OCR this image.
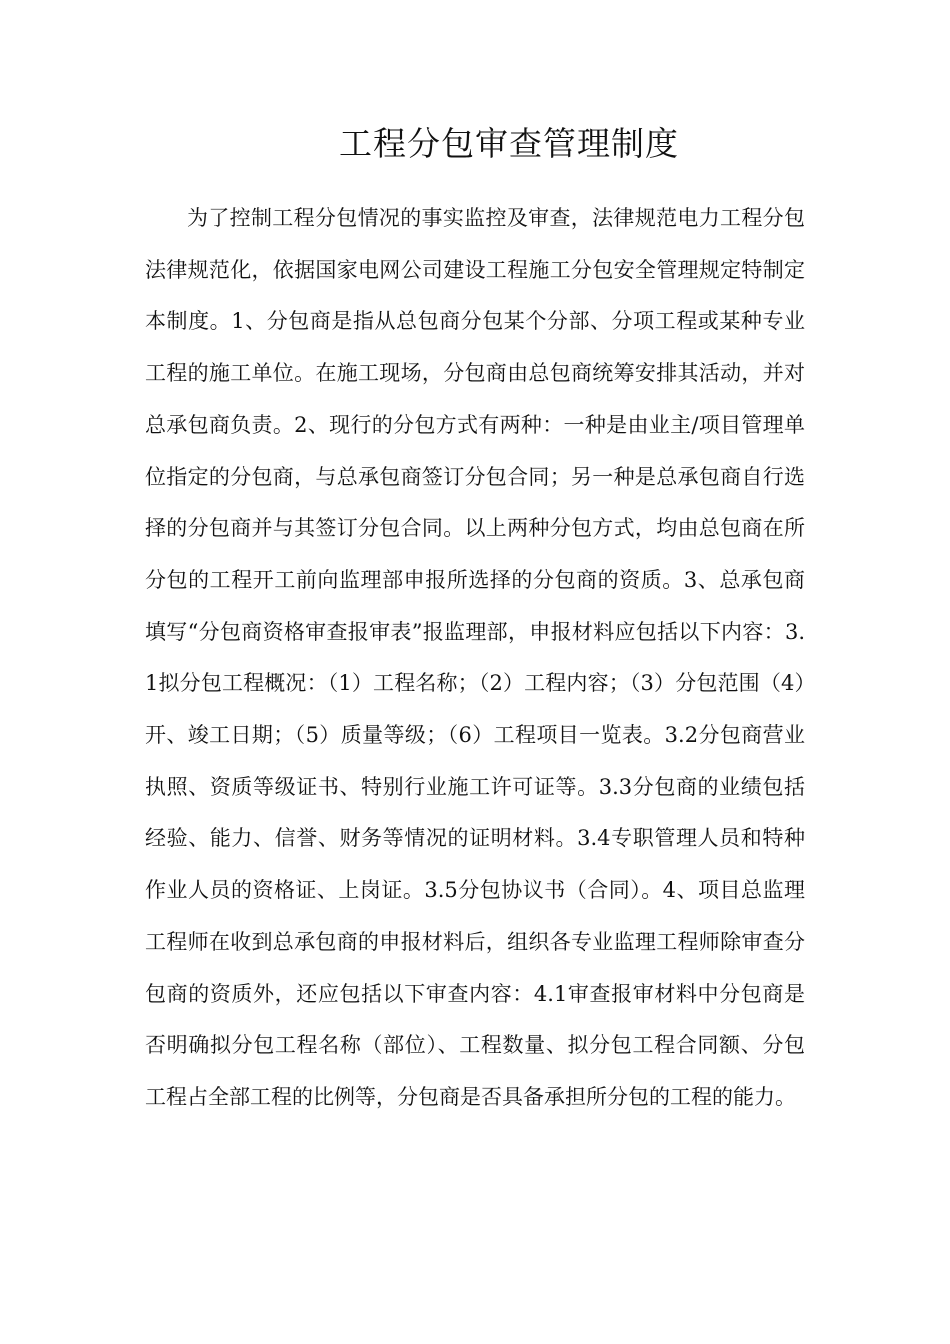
工程分包审查管理制度

为了控制工程分包情况的事实监控及审查，法律规范电力工程分包法律规范化，依据国家电网公司建设工程施工分包安全管理规定特制定本制度。1、分包商是指从总包商分包某个分部、分项工程或某种专业工程的施工单位。在施工现场，分包商由总包商统筹安排其活动，并对总承包商负责。2、现行的分包方式有两种：一种是由业主/项目管理单位指定的分包商，与总承包商签订分包合同；另一种是总承包商自行选择的分包商并与其签订分包合同。以上两种分包方式，均由总包商在所分包的工程开工前向监理部申报所选择的分包商的资质。3、总承包商填写“分包商资格审查报审表”报监理部，申报材料应包括以下内容：3.1拟分包工程概况：（1）工程名称；（2）工程内容；（3）分包范围（4）开、竣工日期；（5）质量等级；（6）工程项目一览表。3.2分包商营业执照、资质等级证书、特别行业施工许可证等。3.3分包商的业绩包括经验、能力、信誉、财务等情况的证明材料。3.4专职管理人员和特种作业人员的资格证、上岗证。3.5分包协议书（合同）。4、项目总监理工程师在收到总承包商的申报材料后，组织各专业监理工程师除审查分包商的资质外，还应包括以下审查内容：4.1审查报审材料中分包商是否明确拟分包工程名称（部位）、工程数量、拟分包工程合同额、分包工程占全部工程的比例等，分包商是否具备承担所分包的工程的能力。
